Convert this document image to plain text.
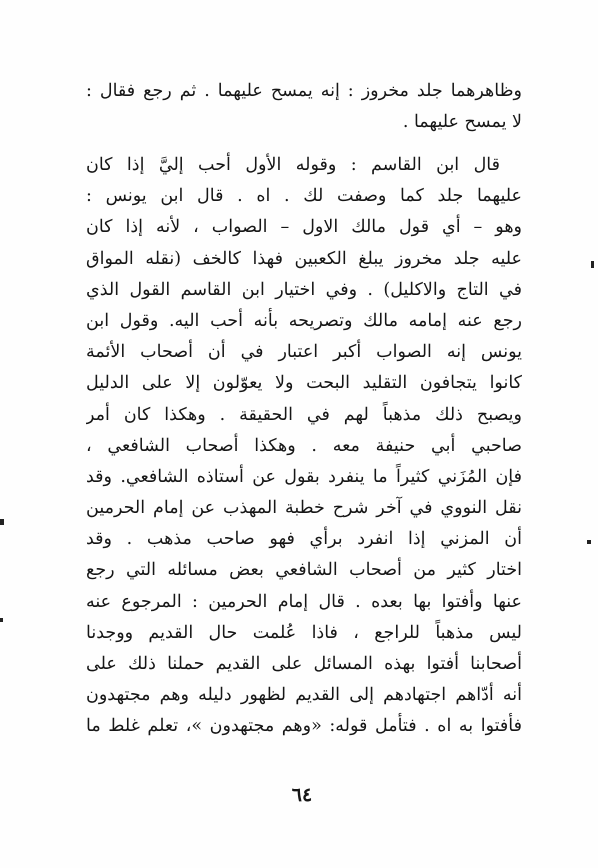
وظاهرهما جلد مخروز : إنه يمسح عليهما . ثم رجع فقال :
لا يمسح عليهما .
قال ابن القاسم : وقوله الأول أحب إليَّ إذا كان
عليهما جلد كما وصفت لك . اه . قال ابن يونس :
وهو – أي قول مالك الاول – الصواب ، لأنه إذا كان
عليه جلد مخروز يبلغ الكعبين فهذا كالخف (نقله المواق
في التاج والاكليل) . وفي اختيار ابن القاسم القول الذي
رجع عنه إمامه مالك وتصريحه بأنه أحب اليه. وقول ابن
يونس إنه الصواب أكبر اعتبار في أن أصحاب الأئمة
كانوا يتجافون التقليد البحت ولا يعوّلون إلا على الدليل
ويصبح ذلك مذهباً لهم في الحقيقة . وهكذا كان أمر
صاحبي أبي حنيفة معه . وهكذا أصحاب الشافعي ،
فإن المُزَني كثيراً ما ينفرد بقول عن أستاذه الشافعي. وقد
نقل النووي في آخر شرح خطبة المهذب عن إمام الحرمين
أن المزني إذا انفرد برأي فهو صاحب مذهب . وقد
اختار كثير من أصحاب الشافعي بعض مسائله التي رجع
عنها وأفتوا بها بعده . قال إمام الحرمين : المرجوع عنه
ليس مذهباً للراجع ، فاذا عُلمت حال القديم ووجدنا
أصحابنا أفتوا بهذه المسائل على القديم حملنا ذلك على
أنه أدّاهم اجتهادهم إلى القديم لظهور دليله وهم مجتهدون
فأفتوا به اه . فتأمل قوله: «وهم مجتهدون »، تعلم غلط ما
٦٤
